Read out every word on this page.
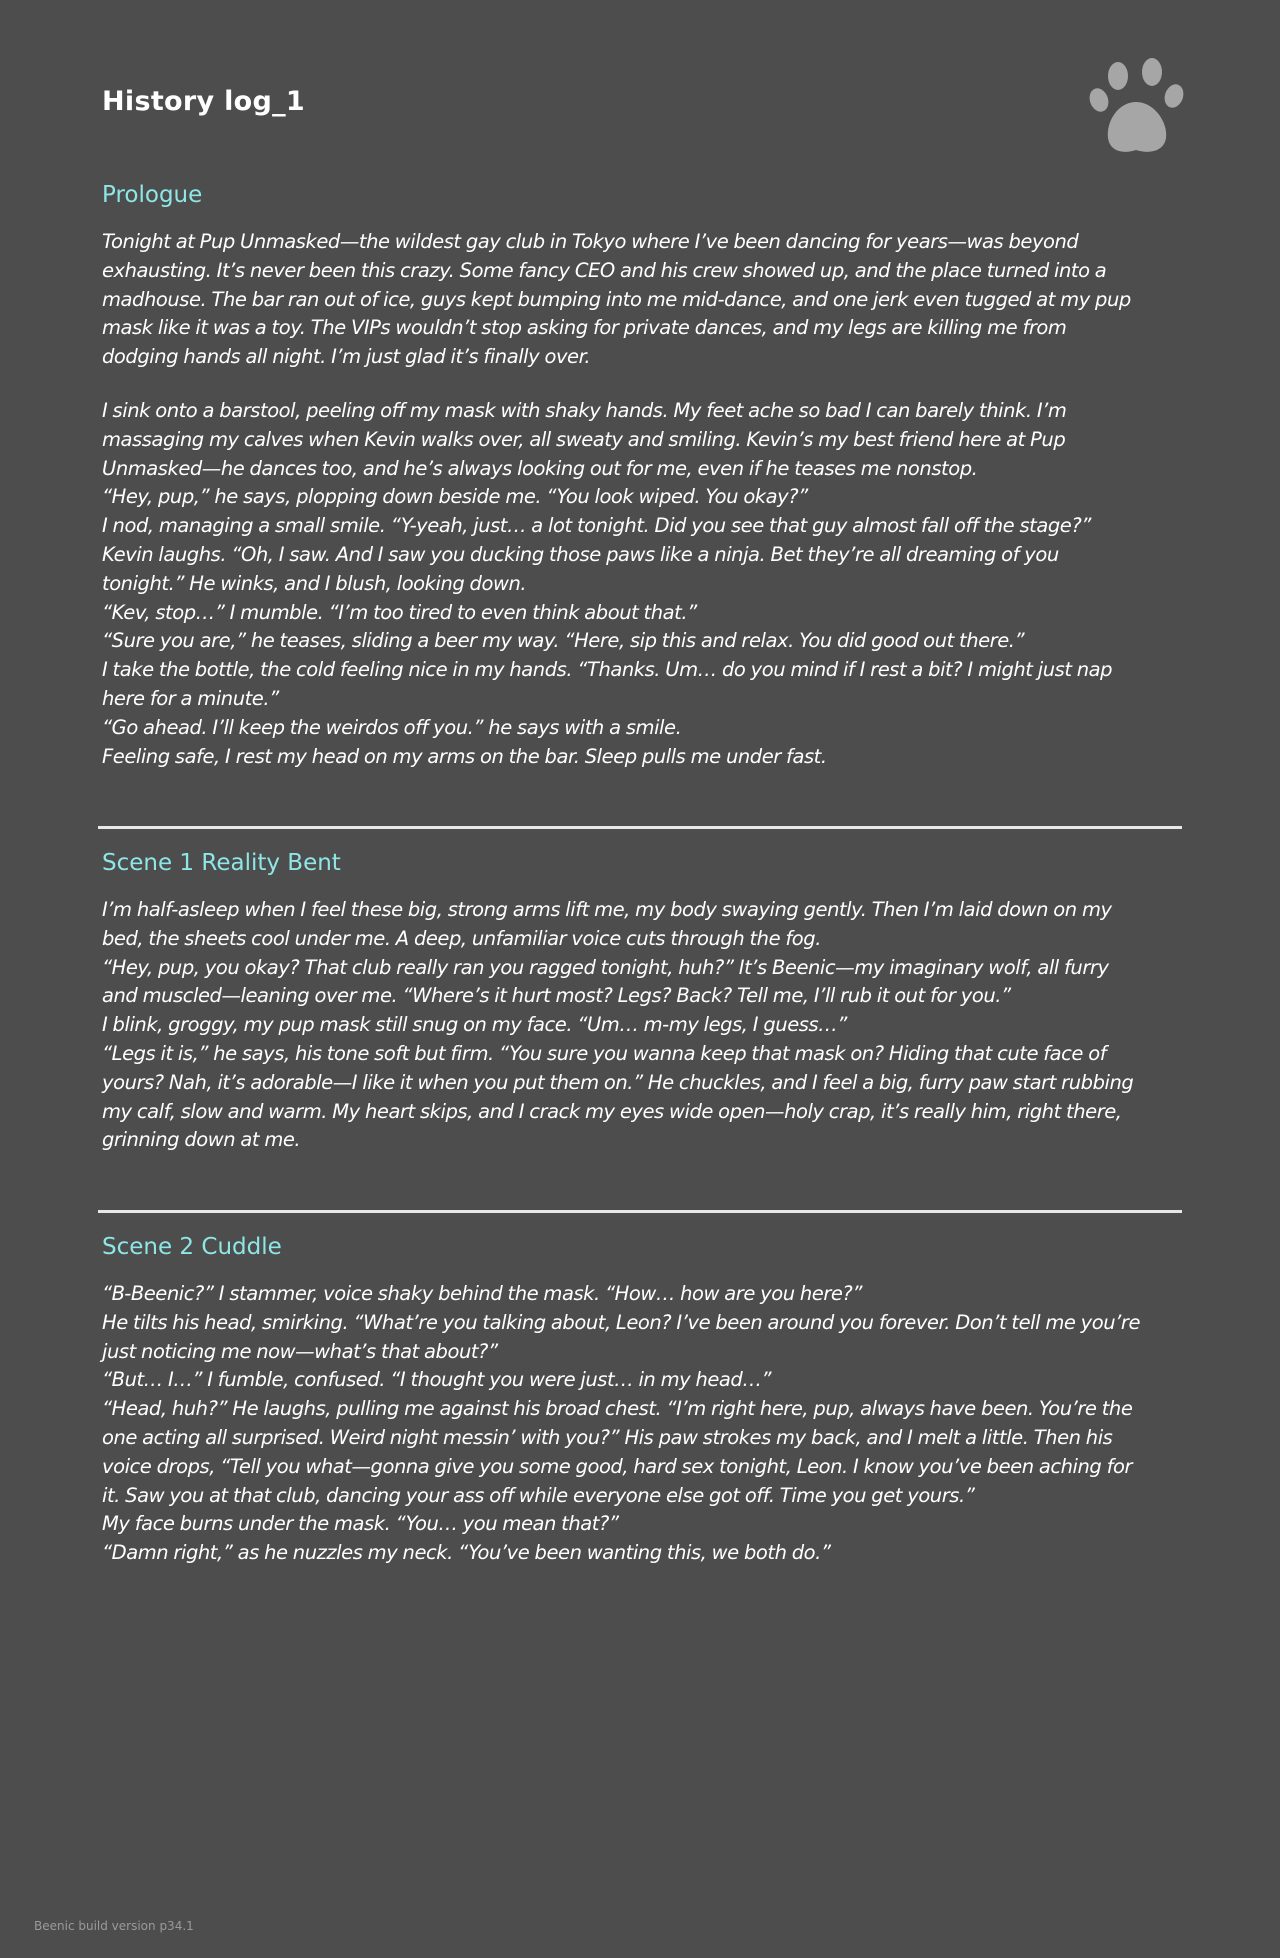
History log_1
Prologue

Tonight at Pup Unmasked—the wildest gay club in Tokyo where I’ve been dancing for years—was beyond
exhausting. It’s never been this crazy. Some fancy CEO and his crew showed up, and the place turned into a
madhouse. The bar ran out of ice, guys kept bumping into me mid-dance, and one jerk even tugged at my pup
mask like it was a toy. The VIPs wouldn’t stop asking for private dances, and my legs are killing me from
dodging hands all night. I’m just glad it’s finally over.

I sink onto a barstool, peeling off my mask with shaky hands. My feet ache so bad I can barely think. I’m
massaging my calves when Kevin walks over, all sweaty and smiling. Kevin’s my best friend here at Pup
Unmasked—he dances too, and he’s always looking out for me, even if he teases me nonstop.
“Hey, pup,” he says, plopping down beside me. “You look wiped. You okay?”
I nod, managing a small smile. “Y-yeah, just… a lot tonight. Did you see that guy almost fall off the stage?”
Kevin laughs. “Oh, I saw. And I saw you ducking those paws like a ninja. Bet they’re all dreaming of you
tonight.” He winks, and I blush, looking down.
“Kev, stop…” I mumble. “I’m too tired to even think about that.”
“Sure you are,” he teases, sliding a beer my way. “Here, sip this and relax. You did good out there.”
I take the bottle, the cold feeling nice in my hands. “Thanks. Um… do you mind if I rest a bit? I might just nap
here for a minute.”
“Go ahead. I’ll keep the weirdos off you.” he says with a smile.
Feeling safe, I rest my head on my arms on the bar. Sleep pulls me under fast.

Scene 1 Reality Bent

I’m half-asleep when I feel these big, strong arms lift me, my body swaying gently. Then I’m laid down on my
bed, the sheets cool under me. A deep, unfamiliar voice cuts through the fog.
“Hey, pup, you okay? That club really ran you ragged tonight, huh?” It’s Beenic—my imaginary wolf, all furry
and muscled—leaning over me. “Where’s it hurt most? Legs? Back? Tell me, I’ll rub it out for you.”
I blink, groggy, my pup mask still snug on my face. “Um… m-my legs, I guess…”
“Legs it is,” he says, his tone soft but firm. “You sure you wanna keep that mask on? Hiding that cute face of
yours? Nah, it’s adorable—I like it when you put them on.” He chuckles, and I feel a big, furry paw start rubbing
my calf, slow and warm. My heart skips, and I crack my eyes wide open—holy crap, it’s really him, right there,
grinning down at me.

Scene 2 Cuddle

“B-Beenic?” I stammer, voice shaky behind the mask. “How… how are you here?”
He tilts his head, smirking. “What’re you talking about, Leon? I’ve been around you forever. Don’t tell me you’re
just noticing me now—what’s that about?”
“But… I…” I fumble, confused. “I thought you were just… in my head…”
“Head, huh?” He laughs, pulling me against his broad chest. “I’m right here, pup, always have been. You’re the
one acting all surprised. Weird night messin’ with you?” His paw strokes my back, and I melt a little. Then his
voice drops, “Tell you what—gonna give you some good, hard sex tonight, Leon. I know you’ve been aching for
it. Saw you at that club, dancing your ass off while everyone else got off. Time you get yours.”
My face burns under the mask. “You… you mean that?”
“Damn right,” as he nuzzles my neck. “You’ve been wanting this, we both do.”

Beenic build version p34.1
